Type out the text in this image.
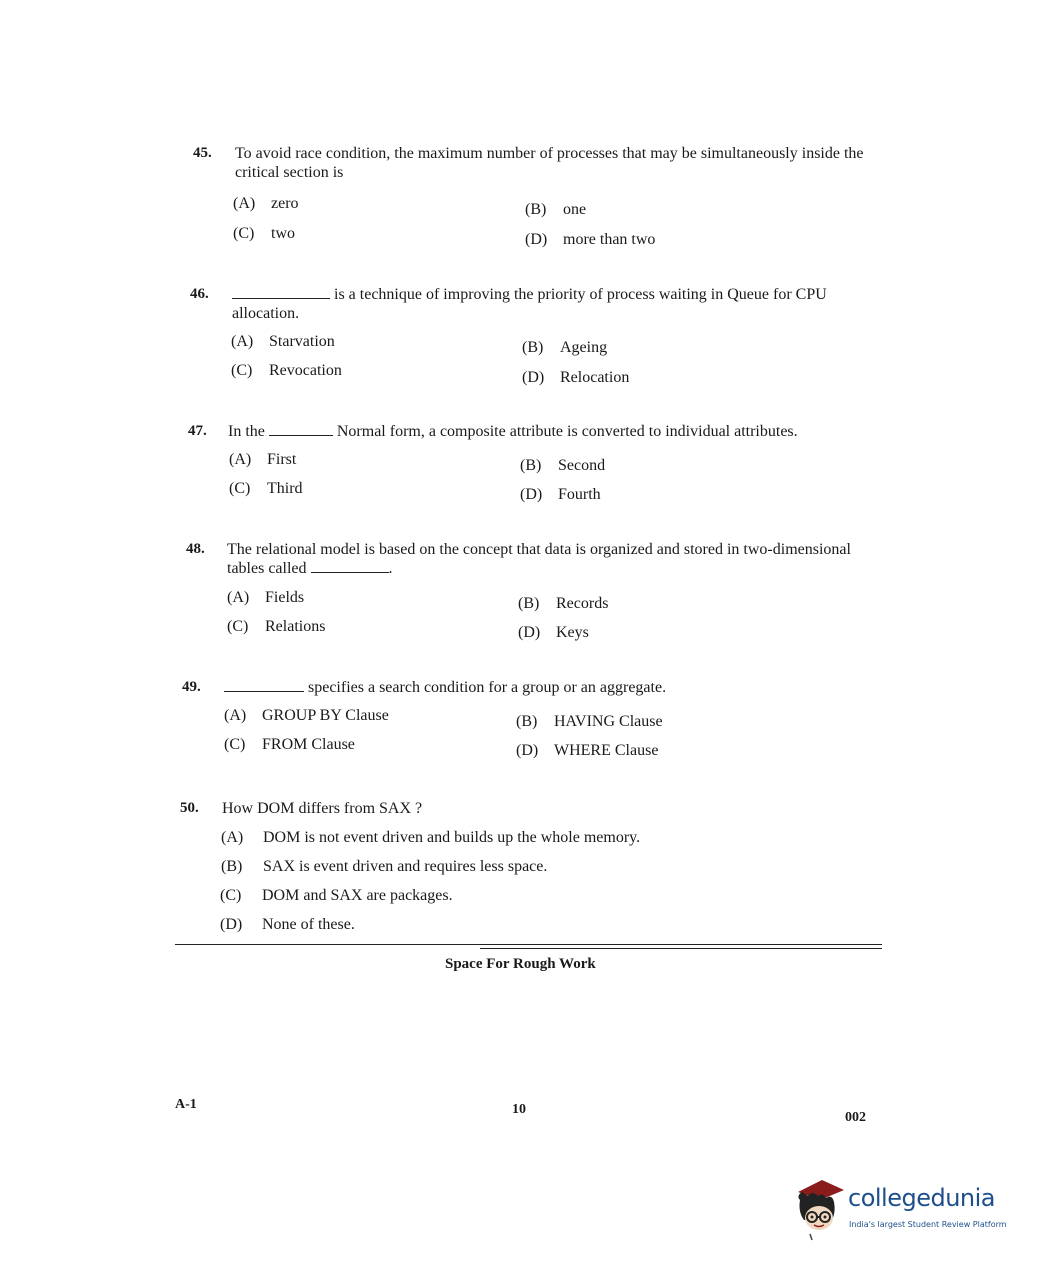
45. To avoid race condition, the maximum number of processes that may be simultaneously inside the critical section is
(A) zero	(B) one
(C) two	(D) more than two
46.	is a technique of improving the priority of process waiting in Queue for CPU allocation.
(A) Starvation	(B) Ageing
(C) Revocation	(D) Relocation
47. In the	Normal form, a composite attribute is converted to individual attributes.
(A) First	(B) Second
(C) Third	(D) Fourth
48. The relational model is based on the concept that data is organized and stored in two-dimensional tables called	.
(A) Fields	(B) Records
(C) Relations	(D) Keys
49.	specifies a search condition for a group or an aggregate.
(A) GROUP BY Clause	(B) HAVING Clause
(C) FROM Clause	(D) WHERE Clause
50. How DOM differs from SAX ?
(A) DOM is not event driven and builds up the whole memory.
(B) SAX is event driven and requires less space.
(C) DOM and SAX are packages.
(D) None of these.
Space For Rough Work
A-1	10
002
collegedunia
India's largest Student Review Platform
